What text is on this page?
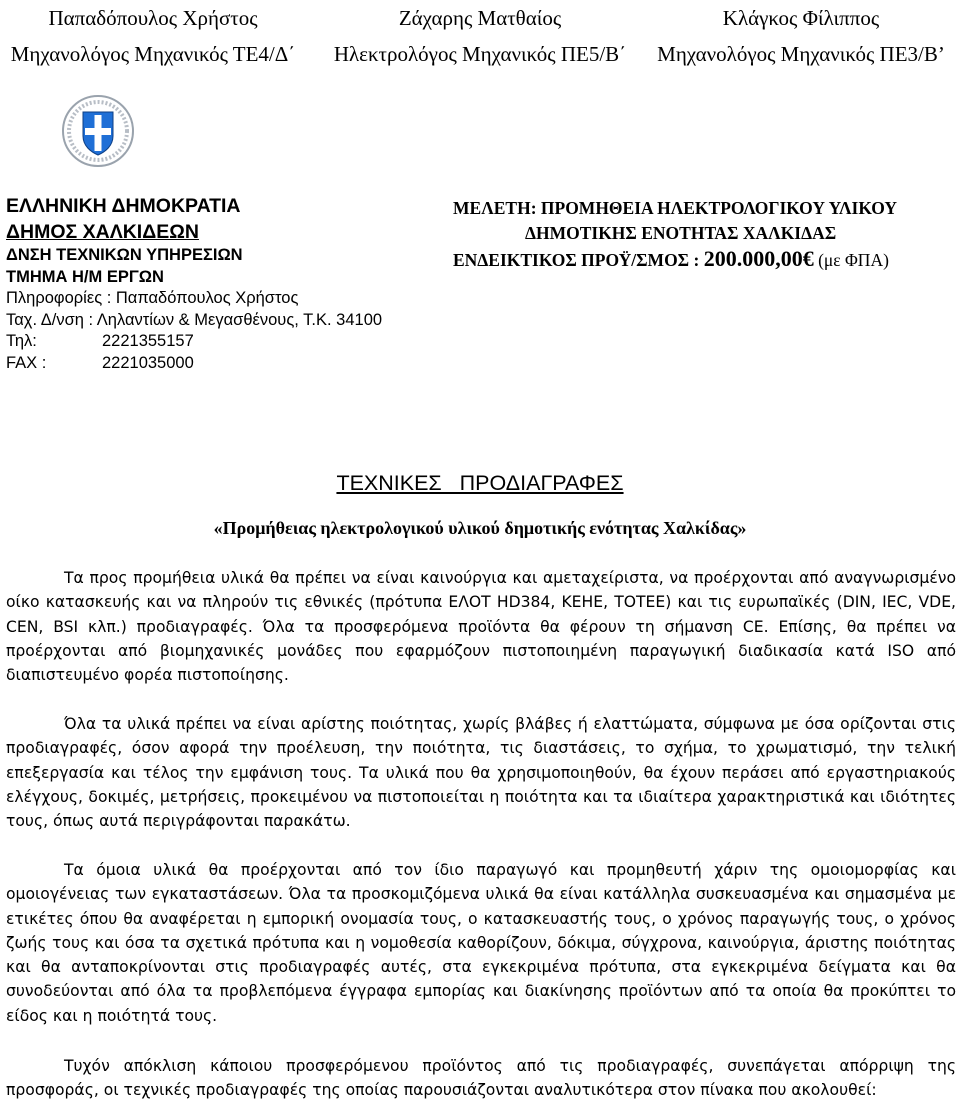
Παπαδόπουλος Χρήστος
Μηχανολόγος Μηχανικός ΤΕ4/Δ΄
Ζάχαρης Ματθαίος
Ηλεκτρολόγος Μηχανικός ΠΕ5/Β΄
Κλάγκος Φίλιππος
Μηχανολόγος Μηχανικός ΠΕ3/Β’
ΕΛΛΗΝΙΚΗ ΔΗΜΟΚΡΑΤΙΑ
ΔΗΜΟΣ ΧΑΛΚΙΔΕΩΝ
ΔΝΣΗ ΤΕΧΝΙΚΩΝ ΥΠΗΡΕΣΙΩΝ
ΤΜΗΜΑ Η/Μ ΕΡΓΩΝ
Πληροφορίες : Παπαδόπουλος Χρήστος
Ταχ. Δ/νση : Ληλαντίων & Μεγασθένους, Τ.Κ. 34100
Τηλ:	2221355157
FAX :	2221035000
ΜΕΛΕΤΗ: ΠΡΟΜΗΘΕΙΑ ΗΛΕΚΤΡΟΛΟΓΙΚΟΥ ΥΛΙΚΟΥ
ΔΗΜΟΤΙΚΗΣ ΕΝΟΤΗΤΑΣ ΧΑΛΚΙΔΑΣ
ΕΝΔΕΙΚΤΙΚΟΣ ΠΡΟΫ/ΣΜΟΣ : 200.000,00€ (με ΦΠΑ)
ΤΕΧΝΙΚΕΣ   ΠΡΟΔΙΑΓΡΑΦΕΣ
«Προμήθειας ηλεκτρολογικού υλικού δημοτικής ενότητας Χαλκίδας»

Τα προς προμήθεια υλικά θα πρέπει να είναι καινούργια και αμεταχείριστα, να προέρχονται από αναγνωρισμένο οίκο κατασκευής και να πληρούν τις εθνικές (πρότυπα ΕΛΟΤ HD384, ΚΕΗΕ, ΤΟΤΕΕ) και τις ευρωπαϊκές (DIN, IEC, VDE, CEN, BSI κλπ.) προδιαγραφές. Όλα τα προσφερόμενα προϊόντα θα φέρουν τη σήμανση CE. Επίσης, θα πρέπει να προέρχονται από βιομηχανικές μονάδες που εφαρμόζουν πιστοποιημένη παραγωγική διαδικασία κατά ISO από διαπιστευμένο φορέα πιστοποίησης.

Όλα τα υλικά πρέπει να είναι αρίστης ποιότητας, χωρίς βλάβες ή ελαττώματα, σύμφωνα με όσα ορίζονται στις προδιαγραφές, όσον αφορά την προέλευση, την ποιότητα, τις διαστάσεις, το σχήμα, το χρωματισμό, την τελική επεξεργασία και τέλος την εμφάνιση τους. Τα υλικά που θα χρησιμοποιηθούν, θα έχουν περάσει από εργαστηριακούς ελέγχους, δοκιμές, μετρήσεις, προκειμένου να πιστοποιείται η ποιότητα και τα ιδιαίτερα χαρακτηριστικά και ιδιότητες τους, όπως αυτά περιγράφονται παρακάτω.

Τα όμοια υλικά θα προέρχονται από τον ίδιο παραγωγό και προμηθευτή χάριν της ομοιομορφίας και ομοιογένειας των εγκαταστάσεων. Όλα τα προσκομιζόμενα υλικά θα είναι κατάλληλα συσκευασμένα και σημασμένα με ετικέτες όπου θα αναφέρεται η εμπορική ονομασία τους, ο κατασκευαστής τους, ο χρόνος παραγωγής τους, ο χρόνος ζωής τους και όσα τα σχετικά πρότυπα και η νομοθεσία καθορίζουν, δόκιμα, σύγχρονα, καινούργια, άριστης ποιότητας και θα ανταποκρίνονται στις προδιαγραφές αυτές, στα εγκεκριμένα πρότυπα, στα εγκεκριμένα δείγματα και θα συνοδεύονται από όλα τα προβλεπόμενα έγγραφα εμπορίας και διακίνησης προϊόντων από τα οποία θα προκύπτει το είδος και η ποιότητά τους.

Τυχόν απόκλιση κάποιου προσφερόμενου προϊόντος από τις προδιαγραφές, συνεπάγεται απόρριψη της προσφοράς, οι τεχνικές προδιαγραφές της οποίας παρουσιάζονται αναλυτικότερα στον πίνακα που ακολουθεί:
